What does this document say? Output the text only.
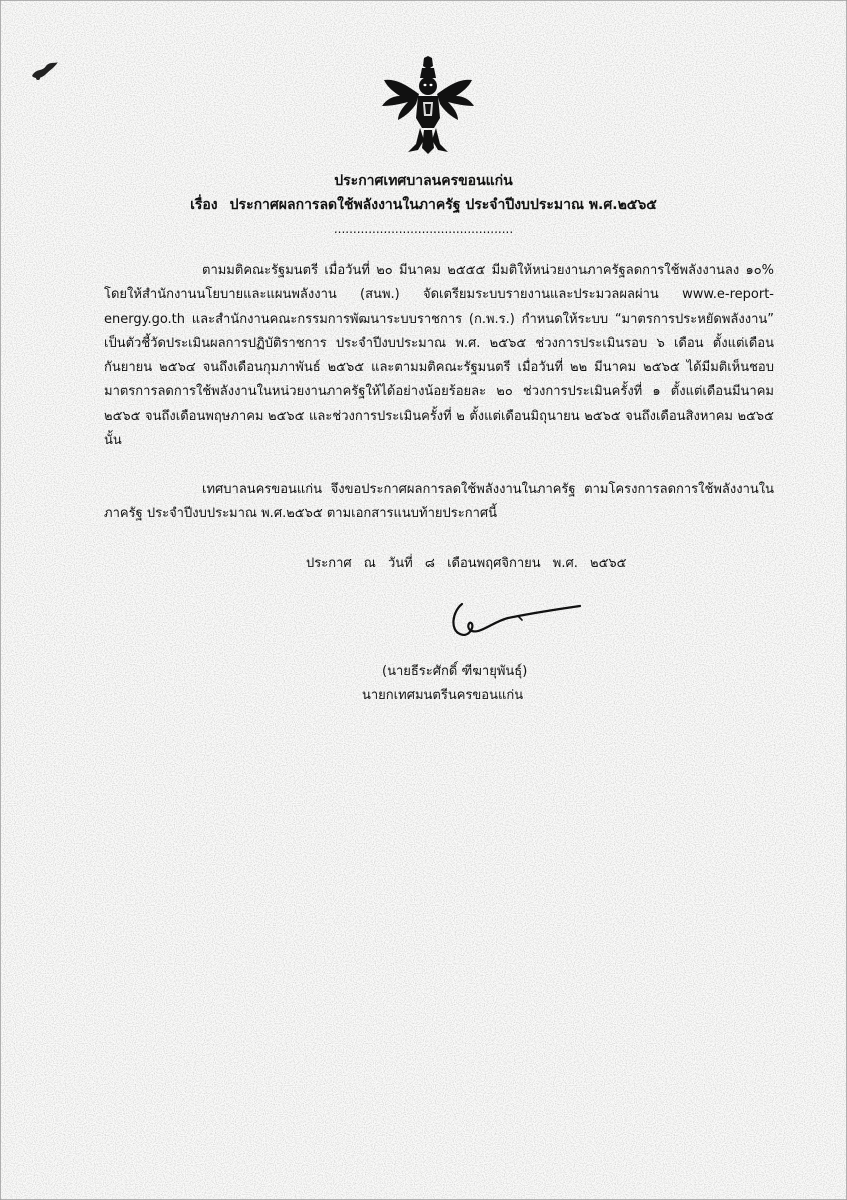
ประกาศเทศบาลนครขอนแก่น
เรื่อง ประกาศผลการลดใช้พลังงานในภาครัฐ ประจำปีงบประมาณ พ.ศ.๒๕๖๕
...............................................

ตามมติคณะรัฐมนตรี เมื่อวันที่ ๒๐ มีนาคม ๒๕๕๕ มีมติให้หน่วยงานภาครัฐลดการใช้พลังงานลง ๑๐% โดยให้สำนักงานนโยบายและแผนพลังงาน (สนพ.) จัดเตรียมระบบรายงานและประมวลผลผ่าน www.e-report-energy.go.th และสำนักงานคณะกรรมการพัฒนาระบบราชการ (ก.พ.ร.) กำหนดให้ระบบ “มาตรการประหยัดพลังงาน” เป็นตัวชี้วัดประเมินผลการปฏิบัติราชการ ประจำปีงบประมาณ พ.ศ. ๒๕๖๕ ช่วงการประเมินรอบ ๖ เดือน ตั้งแต่เดือนกันยายน ๒๕๖๔ จนถึงเดือนกุมภาพันธ์ ๒๕๖๕ และตามมติคณะรัฐมนตรี เมื่อวันที่ ๒๒ มีนาคม ๒๕๖๕ ได้มีมติเห็นชอบมาตรการลดการใช้พลังงานในหน่วยงานภาครัฐให้ได้อย่างน้อยร้อยละ ๒๐ ช่วงการประเมินครั้งที่ ๑ ตั้งแต่เดือนมีนาคม ๒๕๖๕ จนถึงเดือนพฤษภาคม ๒๕๖๕ และช่วงการประเมินครั้งที่ ๒ ตั้งแต่เดือนมิถุนายน ๒๕๖๕ จนถึงเดือนสิงหาคม ๒๕๖๕ นั้น

เทศบาลนครขอนแก่น จึงขอประกาศผลการลดใช้พลังงานในภาครัฐ ตามโครงการลดการใช้พลังงานในภาครัฐ ประจำปีงบประมาณ พ.ศ.๒๕๖๕ ตามเอกสารแนบท้ายประกาศนี้

ประกาศ ณ วันที่ ๘ เดือนพฤศจิกายน พ.ศ. ๒๕๖๕
(นายธีระศักดิ์ ฑีฆายุพันธุ์)
นายกเทศมนตรีนครขอนแก่น
